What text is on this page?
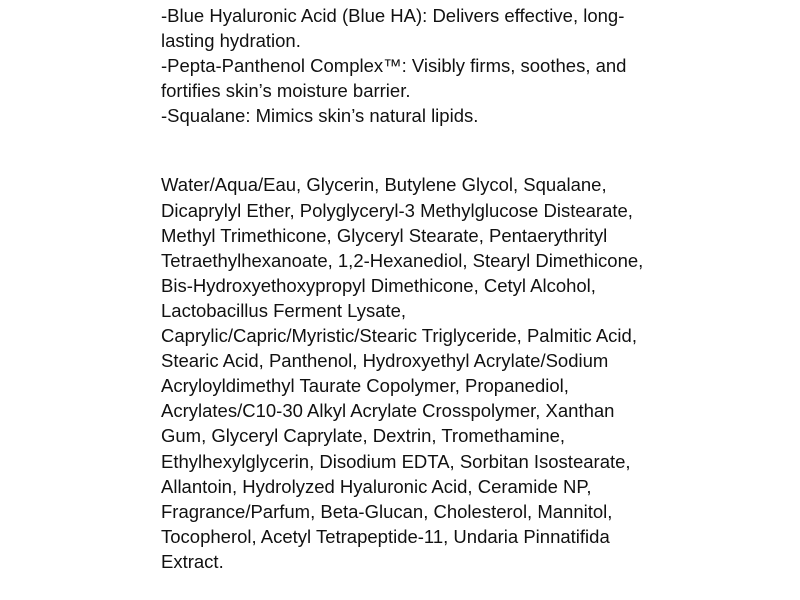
-Blue Hyaluronic Acid (Blue HA): Delivers effective, long-lasting hydration.
-Pepta-Panthenol Complex™: Visibly firms, soothes, and fortifies skin’s moisture barrier.
-Squalane: Mimics skin’s natural lipids.

Water/Aqua/Eau, Glycerin, Butylene Glycol, Squalane, Dicaprylyl Ether, Polyglyceryl-3 Methylglucose Distearate, Methyl Trimethicone, Glyceryl Stearate, Pentaerythrityl Tetraethylhexanoate, 1,2-Hexanediol, Stearyl Dimethicone, Bis-Hydroxyethoxypropyl Dimethicone, Cetyl Alcohol, Lactobacillus Ferment Lysate, Caprylic/Capric/Myristic/Stearic Triglyceride, Palmitic Acid, Stearic Acid, Panthenol, Hydroxyethyl Acrylate/Sodium Acryloyldimethyl Taurate Copolymer, Propanediol, Acrylates/C10-30 Alkyl Acrylate Crosspolymer, Xanthan Gum, Glyceryl Caprylate, Dextrin, Tromethamine, Ethylhexylglycerin, Disodium EDTA, Sorbitan Isostearate, Allantoin, Hydrolyzed Hyaluronic Acid, Ceramide NP, Fragrance/Parfum, Beta-Glucan, Cholesterol, Mannitol, Tocopherol, Acetyl Tetrapeptide-11, Undaria Pinnatifida Extract.
